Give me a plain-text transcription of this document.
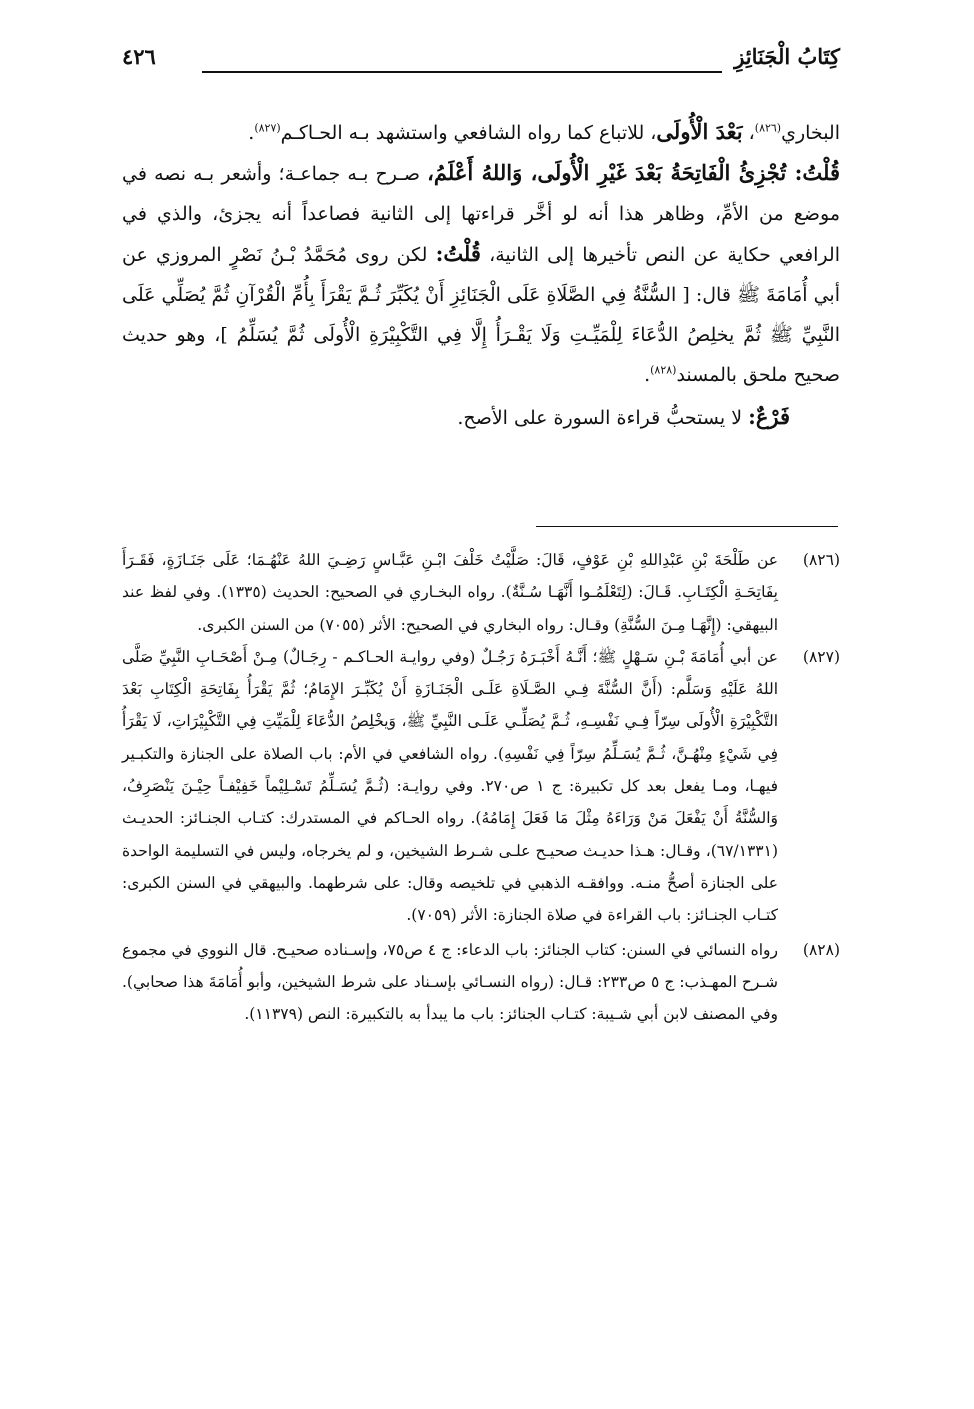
كِتَابُ الْجَنَائِزِ
٤٢٦

البخاري$^{(٨٢٦)}$، بَعْدَ الْأُولَى، للاتباع كما رواه الشافعي واستشهد بـه الحـاكـم$^{(٨٢٧)}$.

قُلْتُ: تُجْزِئُ الْفَاتِحَةُ بَعْدَ غَيْرِ الْأُولَى، وَاللهُ أَعْلَمُ، صـرح بـه جماعـة؛ وأشعر بـه نصه في موضع من الأمِّ، وظاهر هذا أنه لو أخَّر قراءتها إلى الثانية فصاعداً أنه يجزئ، والذي في الرافعي حكاية عن النص تأخيرها إلى الثانية، قُلْتُ: لكن روى مُحَمَّدُ بْـنُ نَصْرٍ المروزي عن أبي أُمَامَةَ ﷺ قال: [ السُّنَّةُ فِي الصَّلَاةِ عَلَى الْجَنَائِزِ أَنْ يُكَبِّرَ ثُـمَّ يَقْرَأَ بِأُمِّ الْقُرْآنِ ثُمَّ يُصَلِّي عَلَى النَّبِيِّ ﷺ ثُمَّ يخلِصُ الدُّعَاءَ لِلْمَيِّـتِ وَلَا يَقْـرَأُ إِلَّا فِي التَّكْبِيْرَةِ الْأُولَى ثُمَّ يُسَلِّمُ ]، وهو حديث صحيح ملحق بالمسند$^{(٨٢٨)}$.

فَرْعٌ: لا يستحبُّ قراءة السورة على الأصح.

(٨٢٦)

عن طَلْحَةَ بْنِ عَبْدِاللهِ بْنِ عَوْفٍ، قَالَ: صَلَّيْتُ خَلْفَ ابْـنِ عَبَّـاسٍ رَضِـيَ اللهُ عَنْهُـمَا؛ عَلَى جَنَـازَةٍ، فَقَـرَأَ بِفَاتِحَـةِ الْكِتَـابِ. قَـالَ: (لِتَعْلَمُـوا أَنَّهَـا سُـنَّةٌ). رواه البخـاري في الصحيح: الحديث (١٣٣٥). وفي لفظ عند البيهقي: (إِنَّهَـا مِـنَ السُّنَّةِ) وقـال: رواه البخاري في الصحيح: الأثر (٧٠٥٥) من السنن الكبرى.

(٨٢٧)

عن أبي أُمَامَةَ بْـنِ سَـهْلٍ ﷺ؛ أَنَّـهُ أَخْبَـرَهُ رَجُـلٌ (وفي روايـة الحـاكـم - رِجَـالٌ) مِـنْ أَصْحَـابِ النَّبِيِّ صَلَّى اللهُ عَلَيْهِ وَسَلَّم: (أَنَّ السُّنَّةَ فِـي الصَّـلَاةِ عَلَـى الْجَنَـازَةِ أَنْ يُكَبِّـرَ الإِمَامُ؛ ثُمَّ يَقْرَأُ بِفَاتِحَةِ الْكِتَابِ بَعْدَ التَّكْبِيْرَةِ الْأُولَى سِرّاً فِـي نَفْسِـهِ، ثُـمَّ يُصَلِّـي عَلَـى النَّبِيِّ ﷺ، وَيخْلِصُ الدُّعَاءَ لِلْمَيِّتِ فِي التَّكْبِيْرَاتِ، لَا يَقْرَأُ فِي شَيْءٍ مِنْهُـنَّ، ثُـمَّ يُسَـلِّمُ سِرّاً فِي نَفْسِهِ). رواه الشافعي في الأم: باب الصلاة على الجنازة والتكبـير فيهـا، ومـا يفعل بعد كل تكبيرة: ج ١ ص٢٧٠. وفي روايـة: (ثُـمَّ يُسَـلِّمُ تَسْـلِيْماً خَفِيْفـاً حِيْـنَ يَنْصَرِفُ، وَالسُّنَّةُ أَنْ يَفْعَلَ مَنْ وَرَاءَهُ مِثْلَ مَا فَعَلَ إِمَامُهُ). رواه الحـاكم في المستدرك: كتـاب الجنـائز: الحديـث (٦٧/١٣٣١)، وقـال: هـذا حديـث صحيـح علـى شـرط الشيخين، و لم يخرجاه، وليس في التسليمة الواحدة على الجنازة أصحُّ منـه. ووافقـه الذهبي في تلخيصه وقال: على شرطهما. والبيهقي في السنن الكبرى: كتـاب الجنـائز: باب القراءة في صلاة الجنازة: الأثر (٧٠٥٩).

(٨٢٨)

رواه النسائي في السنن: كتاب الجنائز: باب الدعاء: ج ٤ ص٧٥، وإسـناده صحيـح. قال النووي في مجموع شـرح المهـذب: ج ٥ ص٢٣٣: قـال: (رواه النسـائي بإسـناد على شرط الشيخين، وأبو أُمَامَةَ هذا صحابي). وفي المصنف لابن أبي شـيبة: كتـاب الجنائز: باب ما يبدأ به بالتكبيرة: النص (١١٣٧٩).
